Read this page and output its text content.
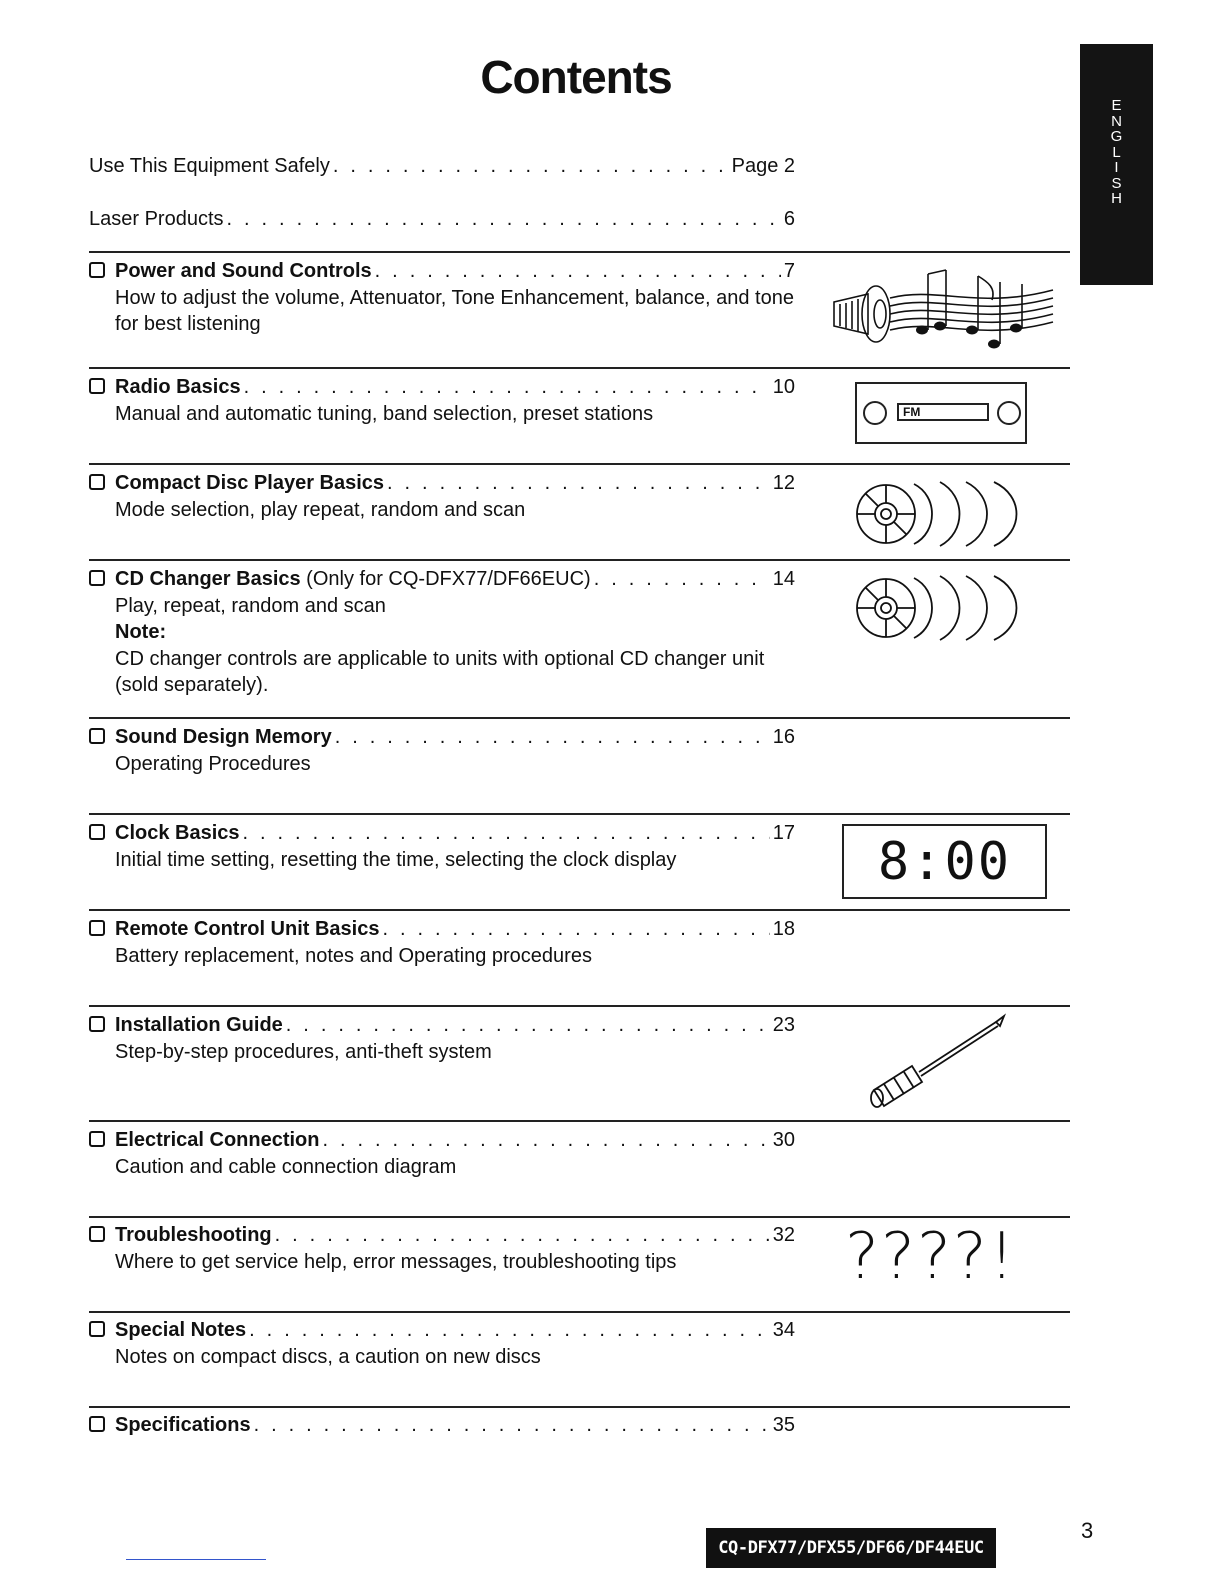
Contents
E
N
G
L
I
S
H
Use This Equipment Safely . . .	Page 2
Laser Products . . .	6
Power and Sound Controls . . .	7
How to adjust the volume, Attenuator, Tone Enhancement, balance, and tone for best listening
Radio Basics . . .	10
Manual and automatic tuning, band selection, preset stations
Compact Disc Player Basics . . .	12
Mode selection, play repeat, random and scan
CD Changer Basics (Only for CQ-DFX77/DF66EUC) . . .	14
Play, repeat, random and scan
Note:
CD changer controls are applicable to units with optional CD changer unit (sold separately).
Sound Design Memory . . .	16
Operating Procedures
Clock Basics . . .	17
Initial time setting, resetting the time, selecting the clock display
Remote Control Unit Basics . . .	18
Battery replacement, notes and Operating procedures
Installation Guide . . .	23
Step-by-step procedures, anti-theft system
Electrical Connection . . .	30
Caution and cable connection diagram
Troubleshooting . . .	32
Where to get service help, error messages, troubleshooting tips
Special Notes . . .	34
Notes on compact discs, a caution on new discs
Specifications . . .	35
FM
8:00
????!
CQ-DFX77/DFX55/DF66/DF44EUC
3
